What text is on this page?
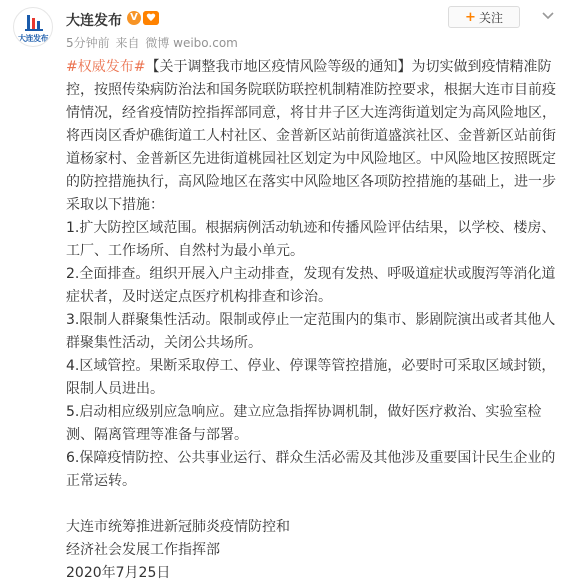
大连发布
大连发布 V	+ 关注
5分钟前 来自 微博 weibo.com

#权威发布#【关于调整我市地区疫情风险等级的通知】为切实做到疫情精准防控，按照传染病防治法和国务院联防联控机制精准防控要求，根据大连市目前疫情情况，经省疫情防控指挥部同意，将甘井子区大连湾街道划定为高风险地区，将西岗区香炉礁街道工人村社区、金普新区站前街道盛滨社区、金普新区站前街道杨家村、金普新区先进街道桃园社区划定为中风险地区。中风险地区按照既定的防控措施执行，高风险地区在落实中风险地区各项防控措施的基础上，进一步采取以下措施：

1.扩大防控区域范围。根据病例活动轨迹和传播风险评估结果，以学校、楼房、工厂、工作场所、自然村为最小单元。

2.全面排查。组织开展入户主动排查，发现有发热、呼吸道症状或腹泻等消化道症状者，及时送定点医疗机构排查和诊治。

3.限制人群聚集性活动。限制或停止一定范围内的集市、影剧院演出或者其他人群聚集性活动，关闭公共场所。

4.区域管控。果断采取停工、停业、停课等管控措施，必要时可采取区域封锁，限制人员进出。

5.启动相应级别应急响应。建立应急指挥协调机制，做好医疗救治、实验室检测、隔离管理等准备与部署。

6.保障疫情防控、公共事业运行、群众生活必需及其他涉及重要国计民生企业的正常运转。

大连市统筹推进新冠肺炎疫情防控和

经济社会发展工作指挥部

2020年7月25日
